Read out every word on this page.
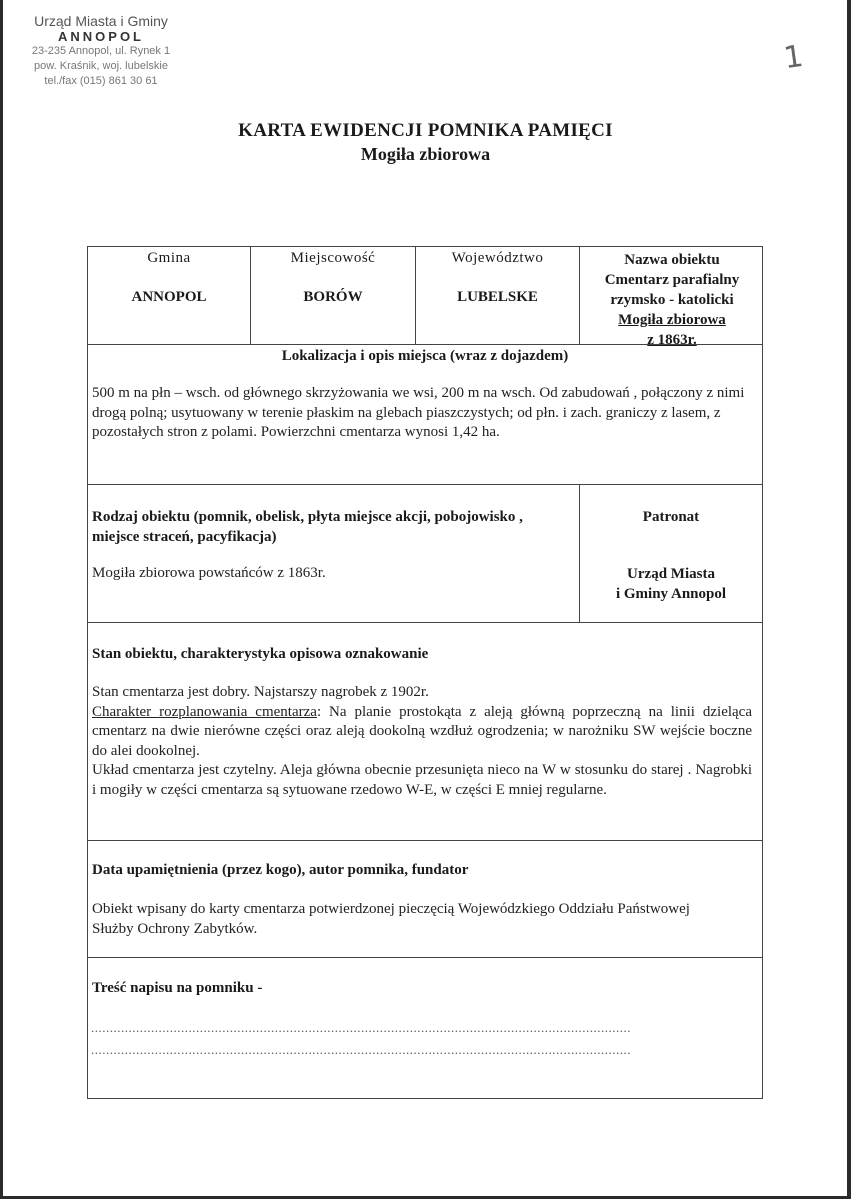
Urząd Miasta i Gminy
ANNOPOL
23-235 Annopol, ul. Rynek 1
pow. Kraśnik, woj. lubelskie
tel./fax (015) 861 30 61
1
KARTA EWIDENCJI POMNIKA PAMIĘCI
Mogiła zbiorowa
Gmina
ANNOPOL
Miejscowość
BORÓW
Województwo
LUBELSKE
Nazwa obiektu
Cmentarz parafialny
rzymsko - katolicki
Mogiła zbiorowa
z 1863r.
Lokalizacja i opis miejsca (wraz z dojazdem)
500 m na płn – wsch. od głównego skrzyżowania we wsi, 200 m na wsch. Od zabudowań , połączony z nimi drogą polną; usytuowany w terenie płaskim na glebach piaszczystych; od płn. i zach. graniczy z lasem, z pozostałych stron z polami. Powierzchni cmentarza wynosi 1,42 ha.
Rodzaj obiektu (pomnik, obelisk, płyta miejsce akcji, pobojowisko , miejsce straceń, pacyfikacja)
Mogiła zbiorowa powstańców z 1863r.
Patronat
Urząd Miasta
i Gminy Annopol
Stan obiektu, charakterystyka opisowa oznakowanie
Stan cmentarza jest dobry. Najstarszy nagrobek z 1902r.
Charakter rozplanowania cmentarza: Na planie prostokąta z aleją główną poprzeczną na linii dzieląca cmentarz na dwie nierówne części oraz aleją dookolną wzdłuż ogrodzenia; w narożniku SW wejście boczne do alei dookolnej.
Układ cmentarza jest czytelny. Aleja główna obecnie przesunięta nieco na W w stosunku do starej . Nagrobki i mogiły w części cmentarza są sytuowane rzedowo W-E, w części E mniej regularne.
Data upamiętnienia (przez kogo), autor pomnika, fundator
Obiekt wpisany do karty cmentarza potwierdzonej pieczęcią Wojewódzkiego Oddziału Państwowej Służby Ochrony Zabytków.
Treść napisu na pomniku -
................................................................................................................................................
................................................................................................................................................
